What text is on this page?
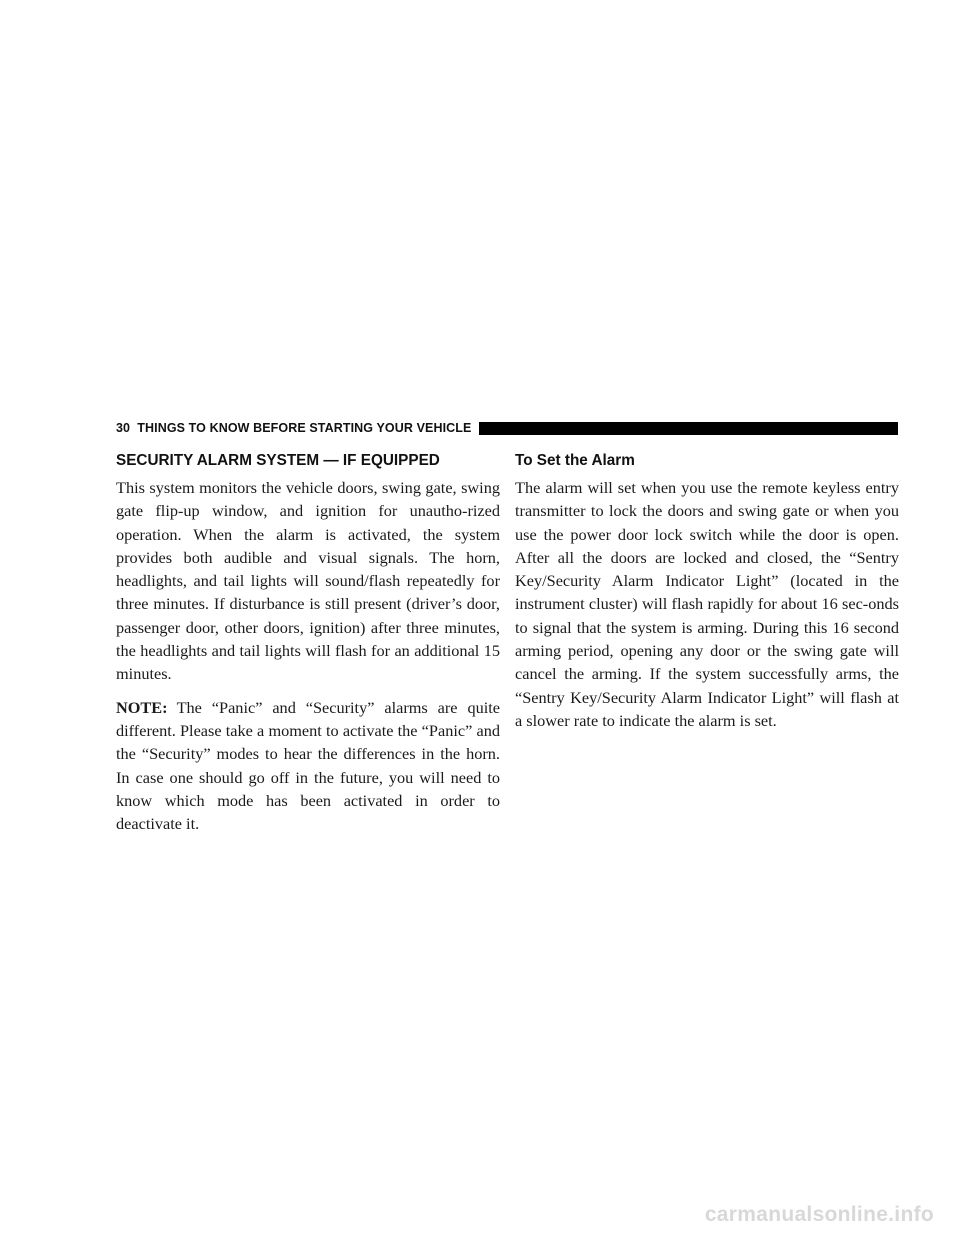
30 THINGS TO KNOW BEFORE STARTING YOUR VEHICLE
SECURITY ALARM SYSTEM — IF EQUIPPED

This system monitors the vehicle doors, swing gate, swing gate flip-up window, and ignition for unautho-rized operation. When the alarm is activated, the system provides both audible and visual signals. The horn, headlights, and tail lights will sound/flash repeatedly for three minutes. If disturbance is still present (driver’s door, passenger door, other doors, ignition) after three minutes, the headlights and tail lights will flash for an additional 15 minutes.

NOTE: The “Panic” and “Security” alarms are quite different. Please take a moment to activate the “Panic” and the “Security” modes to hear the differences in the horn. In case one should go off in the future, you will need to know which mode has been activated in order to deactivate it.

To Set the Alarm

The alarm will set when you use the remote keyless entry transmitter to lock the doors and swing gate or when you use the power door lock switch while the door is open. After all the doors are locked and closed, the “Sentry Key/Security Alarm Indicator Light” (located in the instrument cluster) will flash rapidly for about 16 sec-onds to signal that the system is arming. During this 16 second arming period, opening any door or the swing gate will cancel the arming. If the system successfully arms, the “Sentry Key/Security Alarm Indicator Light” will flash at a slower rate to indicate the alarm is set.

carmanualsonline.info
